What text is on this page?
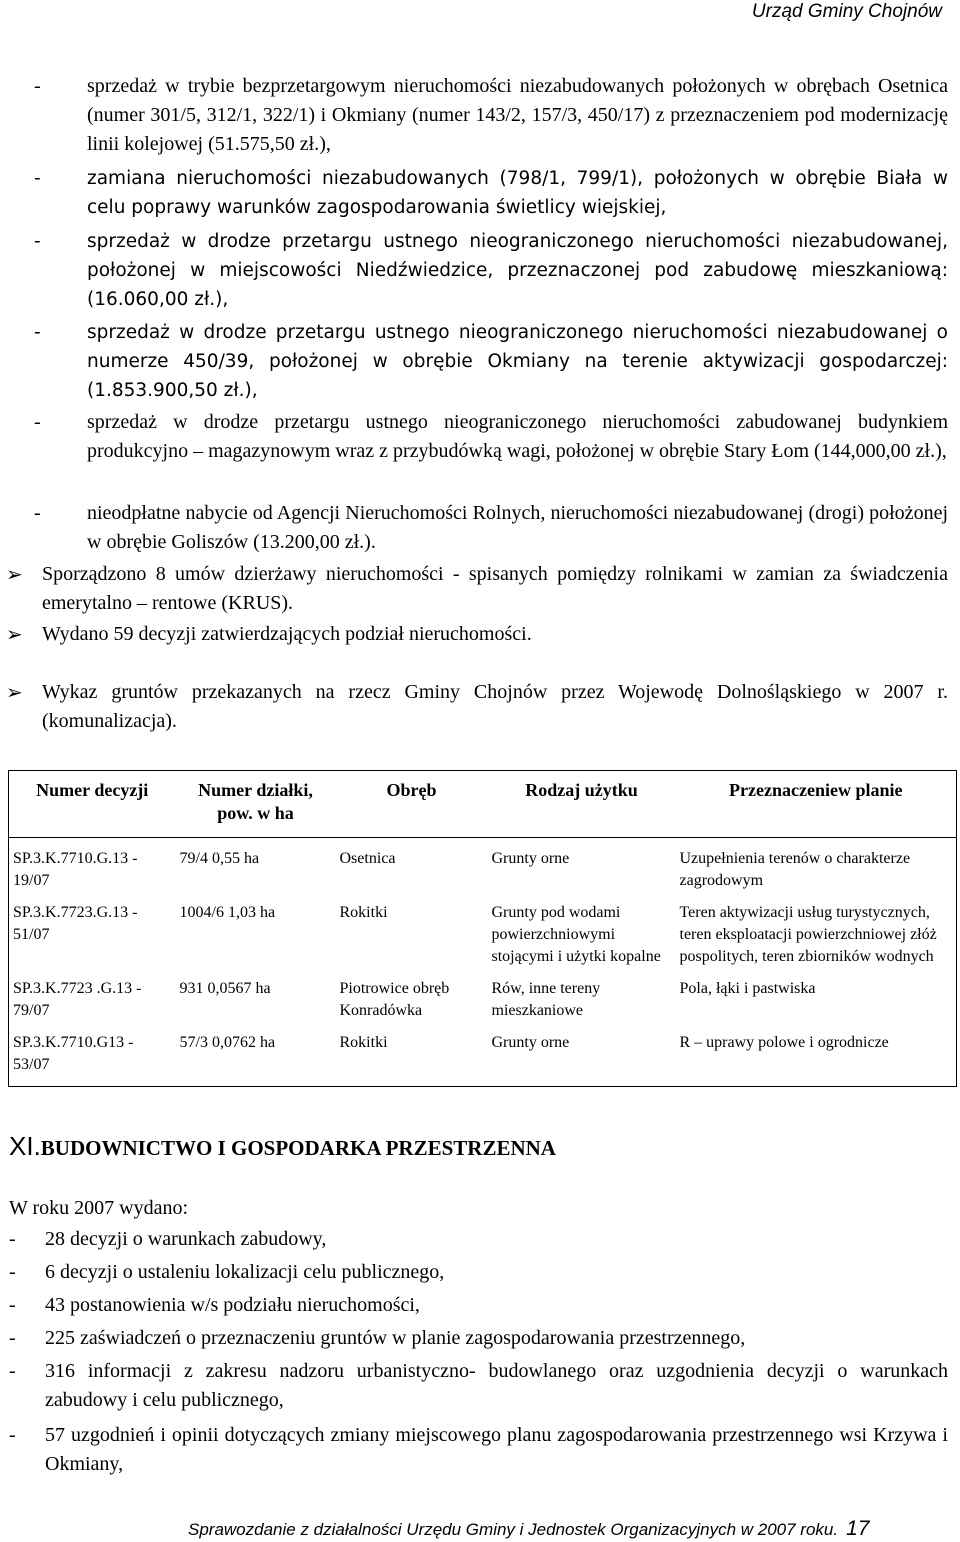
Urząd Gminy Chojnów
- sprzedaż w trybie bezprzetargowym nieruchomości niezabudowanych położonych w obrębach Osetnica (numer 301/5, 312/1, 322/1) i Okmiany (numer 143/2, 157/3, 450/17) z przeznaczeniem pod modernizację linii kolejowej (51.575,50 zł.),
-	zamiana nieruchomości niezabudowanych (798/1, 799/1), położonych w obrębie Biała w celu poprawy warunków zagospodarowania świetlicy wiejskiej,
-	sprzedaż w drodze przetargu ustnego nieograniczonego nieruchomości niezabudowanej, położonej w miejscowości Niedźwiedzice, przeznaczonej pod zabudowę mieszkaniową: (16.060,00 zł.),
-	sprzedaż w drodze przetargu ustnego nieograniczonego nieruchomości niezabudowanej o numerze 450/39, położonej w obrębie Okmiany na terenie aktywizacji gospodarczej: (1.853.900,50 zł.),
- sprzedaż w drodze przetargu ustnego nieograniczonego nieruchomości zabudowanej budynkiem produkcyjno – magazynowym wraz z przybudówką wagi, położonej w obrębie Stary Łom (144,000,00 zł.),
- nieodpłatne nabycie od Agencji Nieruchomości Rolnych, nieruchomości niezabudowanej (drogi) położonej w obrębie Goliszów (13.200,00 zł.).
➢ Sporządzono 8 umów dzierżawy nieruchomości - spisanych pomiędzy rolnikami w zamian za świadczenia emerytalno – rentowe (KRUS).
➢ Wydano 59 decyzji zatwierdzających podział nieruchomości.
➢ Wykaz gruntów przekazanych na rzecz Gminy Chojnów przez Wojewodę Dolnośląskiego w 2007 r. (komunalizacja).
Numer decyzji	Numer działki, pow. w ha	Obręb	Rodzaj użytku	Przeznaczeniew planie
SP.3.K.7710.G.13 - 19/07	79/4 0,55 ha	Osetnica	Grunty orne	Uzupełnienia terenów o charakterze zagrodowym
SP.3.K.7723.G.13 - 51/07	1004/6 1,03 ha	Rokitki	Grunty pod wodami powierzchniowymi stojącymi i użytki kopalne	Teren aktywizacji usług turystycznych, teren eksploatacji powierzchniowej złóż pospolitych, teren zbiorników wodnych
SP.3.K.7723 .G.13 - 79/07	931 0,0567 ha	Piotrowice obręb Konradówka	Rów, inne tereny mieszkaniowe	Pola, łąki i pastwiska
SP.3.K.7710.G13 - 53/07	57/3 0,0762 ha	Rokitki	Grunty orne	R – uprawy polowe i ogrodnicze
XI.BUDOWNICTWO I GOSPODARKA PRZESTRZENNA
W roku 2007 wydano:
- 28 decyzji o warunkach zabudowy,
- 6 decyzji o ustaleniu lokalizacji celu publicznego,
- 43 postanowienia w/s podziału nieruchomości,
- 225 zaświadczeń o przeznaczeniu gruntów w planie zagospodarowania przestrzennego,
- 316 informacji z zakresu nadzoru urbanistyczno- budowlanego oraz uzgodnienia decyzji o warunkach zabudowy i celu publicznego,
- 57 uzgodnień i opinii dotyczących zmiany miejscowego planu zagospodarowania przestrzennego wsi Krzywa i Okmiany,
Sprawozdanie z działalności Urzędu Gminy i Jednostek Organizacyjnych w 2007 roku. 17
